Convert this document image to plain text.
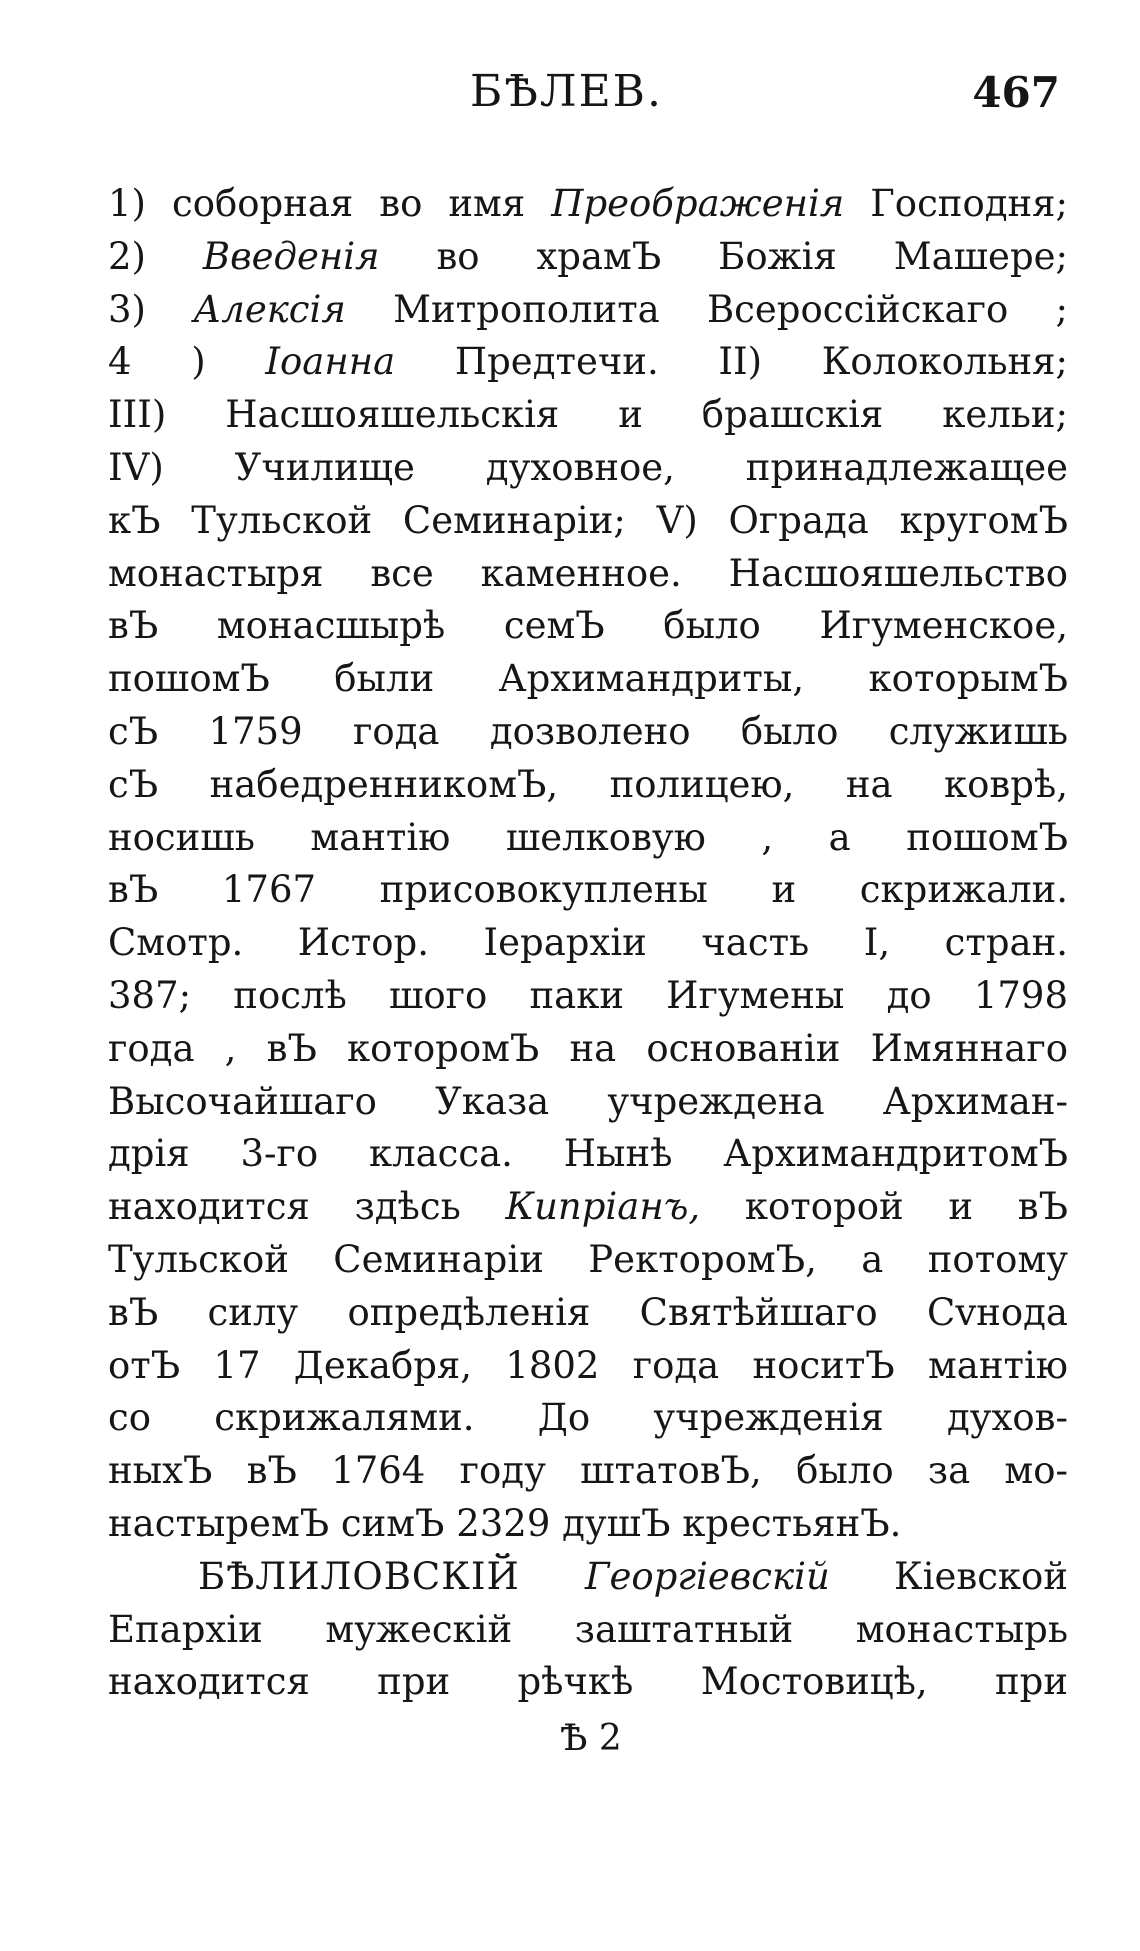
БѢЛЕВ.	467
1) соборная во имя Преображенія Господня;
2) Введенія во храмЪ Божія Машере;
3) Алексія Митрополита Всероссійскаго ;
4 ) Іоанна Предтечи. II) Колокольня;
III) Насшояшельскія и брашскія кельи;
IV) Училище духовное, принадлежащее
кЪ Тульской Семинаріи; V) Ограда кругомЪ
монастыря все каменное. Насшояшельство
вЪ монасшырѣ семЪ было Игуменское,
пошомЪ были Архимандриты, которымЪ
сЪ 1759 года дозволено было служишь
сЪ набедренникомЪ, полицею, на коврѣ,
носишь мантію шелковую , а пошомЪ
вЪ 1767 присовокуплены и скрижали.
Смотр. Истор. Іерархіи часть I, стран.
387; послѣ шого паки Игумены до 1798
года , вЪ которомЪ на основаніи Имяннаго
Высочайшаго Указа учреждена Архиман-
дрія 3-го класса. Нынѣ АрхимандритомЪ
находится здѣсь Кипріанъ, которой и вЪ
Тульской Семинаріи РекторомЪ, а потому
вЪ силу опредѣленія Святѣйшаго Сvнода
отЪ 17 Декабря, 1802 года носитЪ мантію
со скрижалями. До учрежденія духов-
ныхЪ вЪ 1764 году штатовЪ, было за мо-
настыремЪ симЪ 2329 душЪ крестьянЪ.
БѢЛИЛОВСКІЙ Георгіевскій Кіевской
Епархіи мужескій заштатный монастырь
находится при рѣчкѣ Мостовицѣ, при
Ѣ 2
